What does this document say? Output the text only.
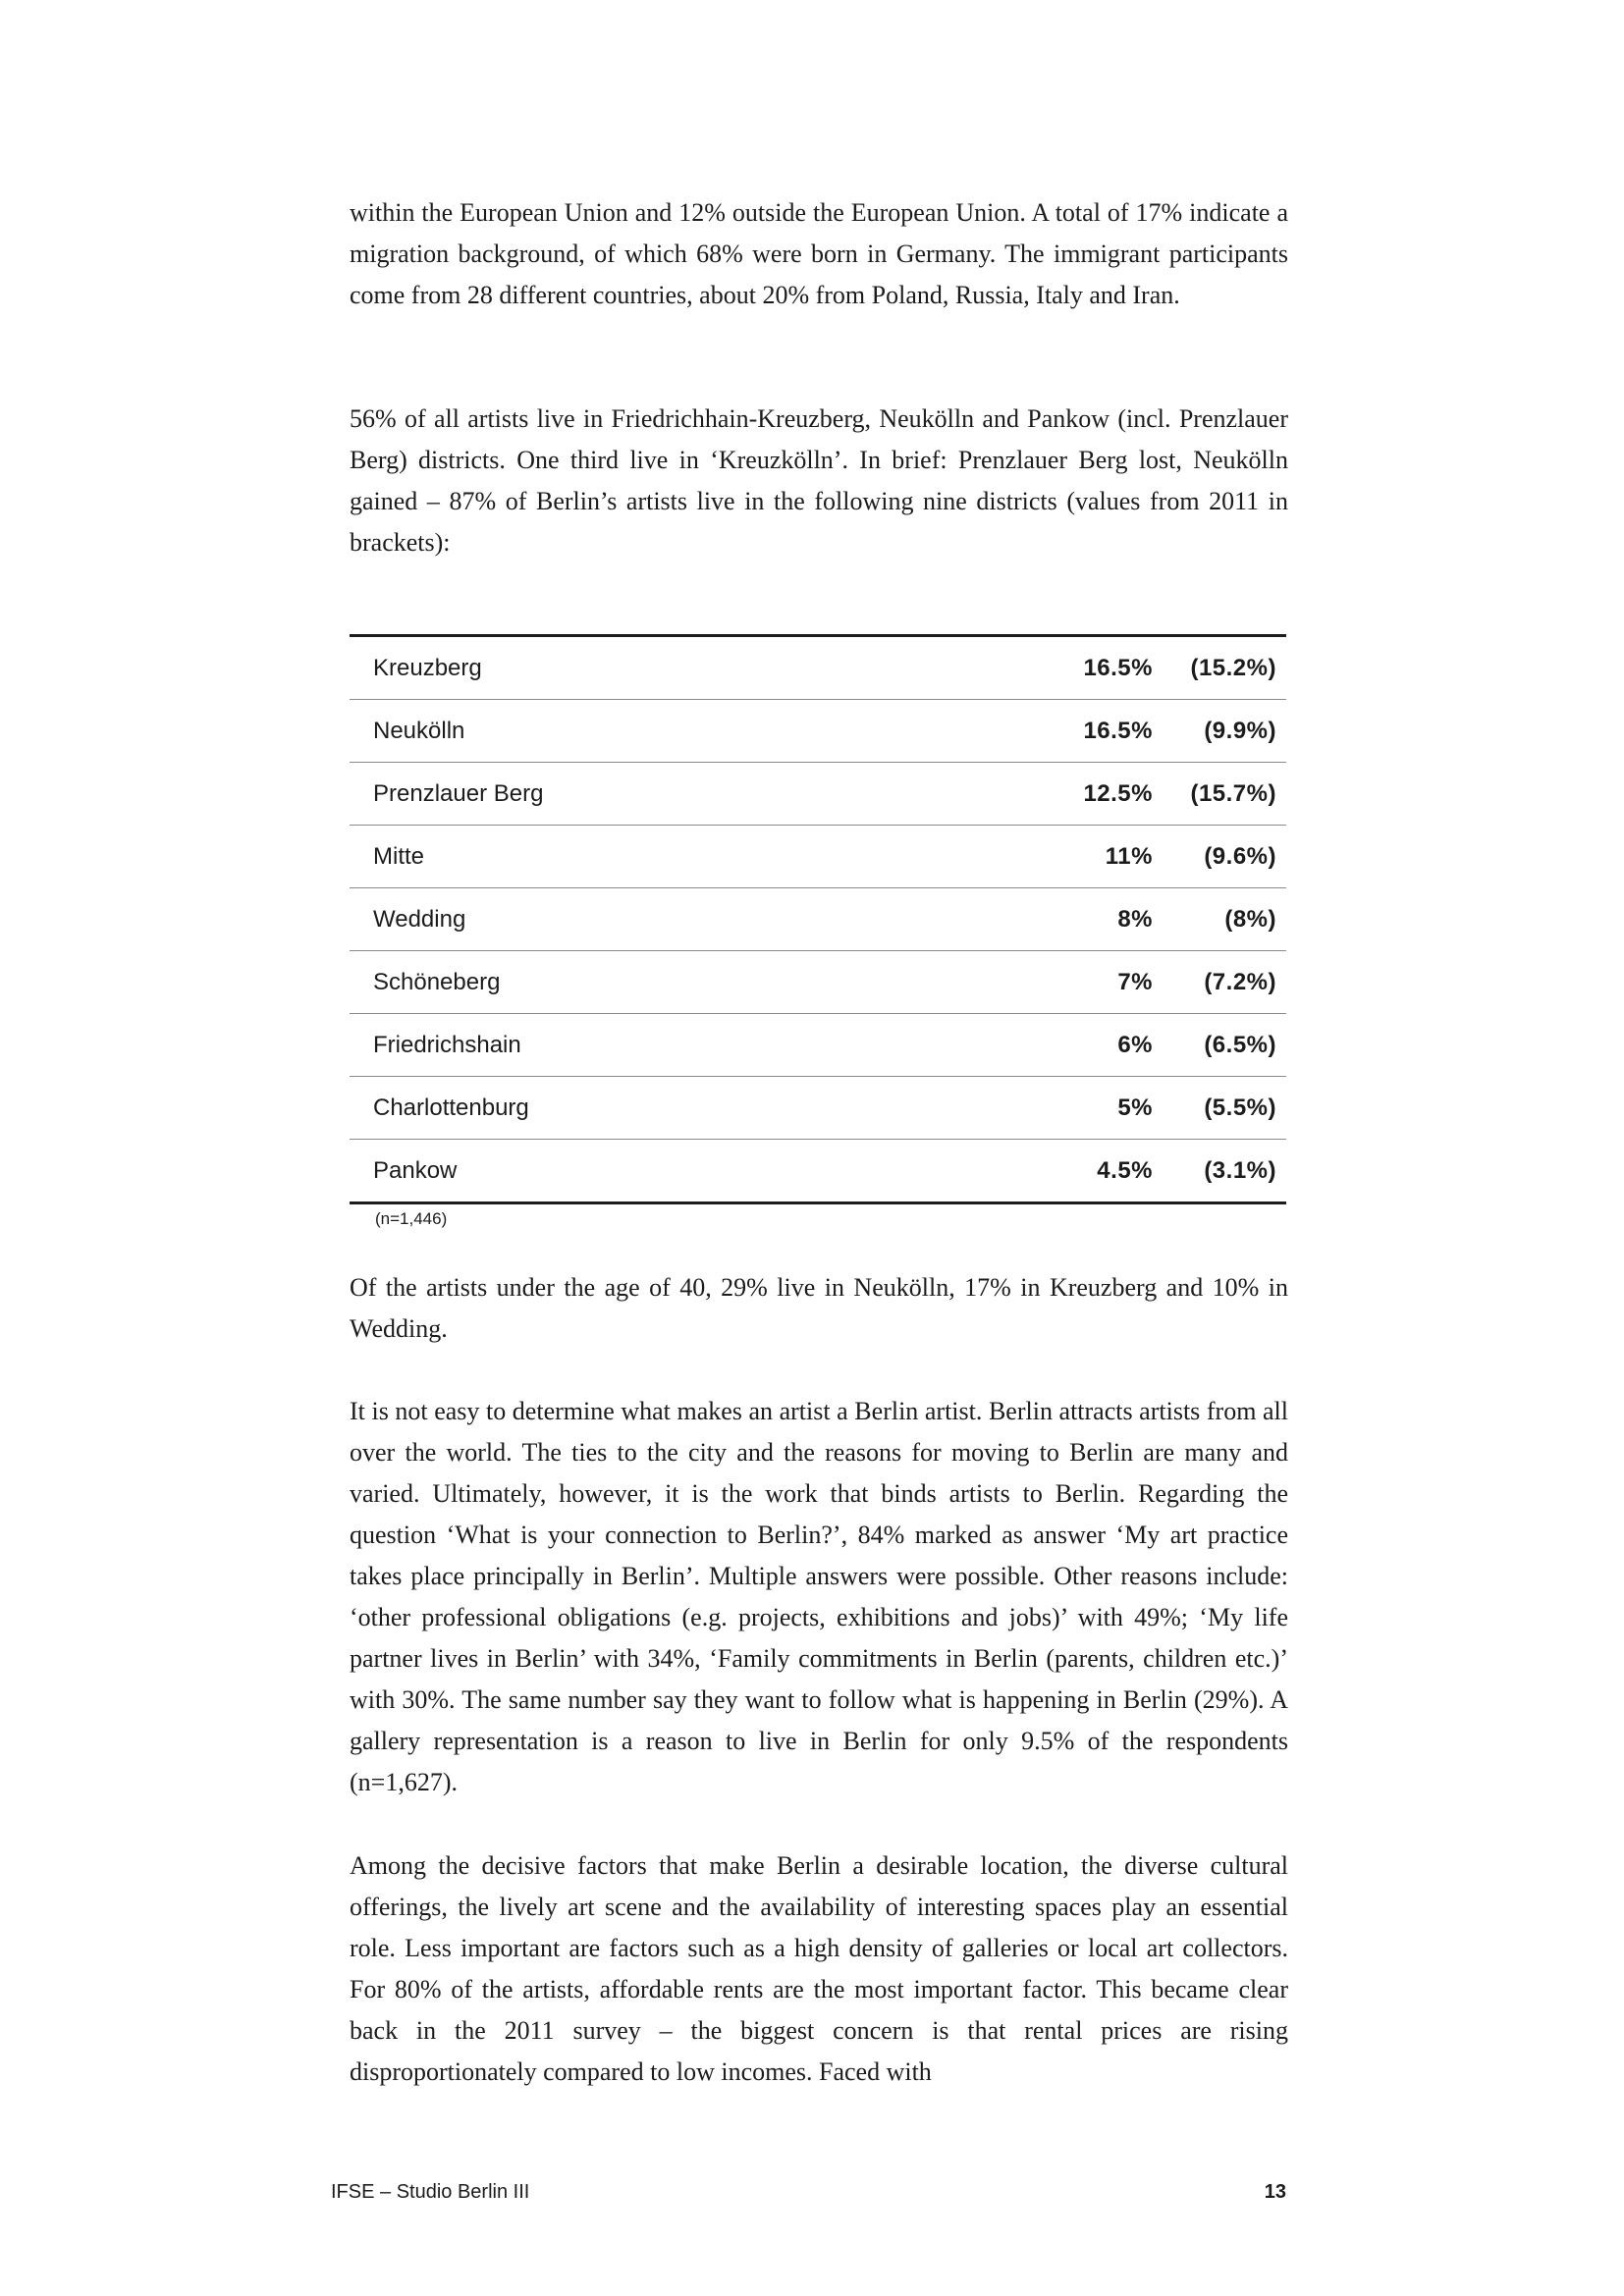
within the European Union and 12% outside the European Union. A total of 17% indicate a migration background, of which 68% were born in Germany. The immigrant participants come from 28 different countries, about 20% from Poland, Russia, Italy and Iran.

56% of all artists live in Friedrichhain-Kreuzberg, Neukölln and Pankow (incl. Prenzlauer Berg) districts. One third live in ‘Kreuzkölln’. In brief: Prenzlauer Berg lost, Neukölln gained – 87% of Berlin’s artists live in the following nine districts (values from 2011 in brackets):

Kreuzberg	16.5%	(15.2%)
Neukölln	16.5%	(9.9%)
Prenzlauer Berg	12.5%	(15.7%)
Mitte	11%	(9.6%)
Wedding	8%	(8%)
Schöneberg	7%	(7.2%)
Friedrichshain	6%	(6.5%)
Charlottenburg	5%	(5.5%)
Pankow	4.5%	(3.1%)
(n=1,446)

Of the artists under the age of 40, 29% live in Neukölln, 17% in Kreuzberg and 10% in Wedding.

It is not easy to determine what makes an artist a Berlin artist. Berlin attracts artists from all over the world. The ties to the city and the reasons for moving to Berlin are many and varied. Ultimately, however, it is the work that binds artists to Berlin. Regarding the question ‘What is your connection to Berlin?’, 84% marked as answer ‘My art practice takes place principally in Berlin’. Multiple answers were possible. Other reasons include: ‘other professional obligations (e.g. projects, exhibitions and jobs)’ with 49%; ‘My life partner lives in Berlin’ with 34%, ‘Family commitments in Berlin (parents, children etc.)’ with 30%. The same number say they want to follow what is happening in Berlin (29%). A gallery representation is a reason to live in Berlin for only 9.5% of the respondents (n=1,627).

Among the decisive factors that make Berlin a desirable location, the diverse cultural offerings, the lively art scene and the availability of interesting spaces play an essential role. Less important are factors such as a high density of galleries or local art collectors. For 80% of the artists, affordable rents are the most important factor. This became clear back in the 2011 survey – the biggest concern is that rental prices are rising disproportionately compared to low incomes. Faced with

IFSE – Studio Berlin III	13
